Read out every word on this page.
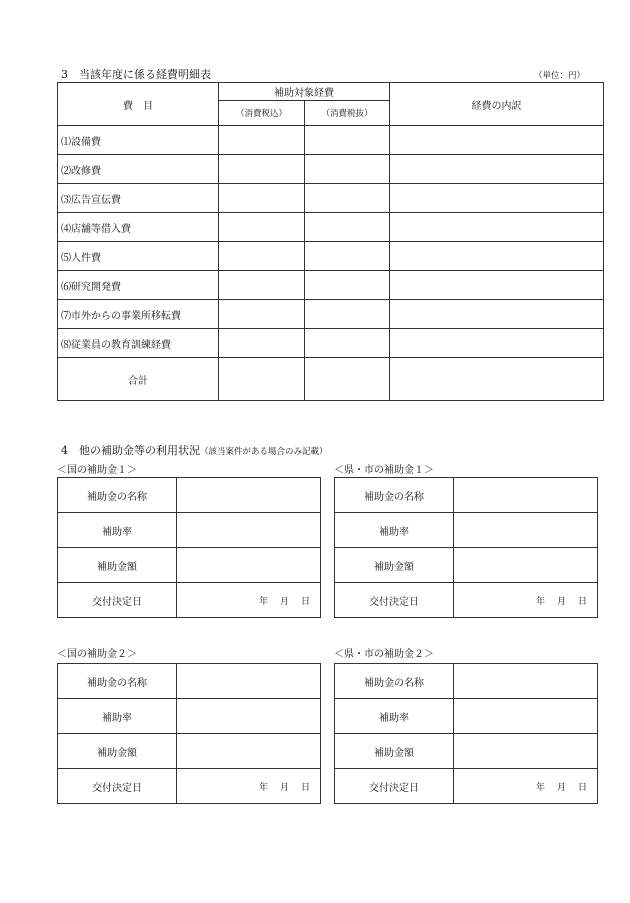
3　当該年度に係る経費明細表	（単位：円）
費　目	補助対象経費		経費の内訳
	（消費税込）	（消費税抜）	
⑴設備費			
⑵改修費			
⑶広告宣伝費			
⑷店舗等借入費			
⑸人件費			
⑹研究開発費			
⑺市外からの事業所移転費			
⑻従業員の教育訓練経費			
合計			
4　他の補助金等の利用状況（該当案件がある場合のみ記載）
＜国の補助金１＞
補助金の名称	
補助率	
補助金額	
交付決定日	年 月 日
＜県・市の補助金１＞
補助金の名称	
補助率	
補助金額	
交付決定日	年 月 日
＜国の補助金２＞
補助金の名称	
補助率	
補助金額	
交付決定日	年 月 日
＜県・市の補助金２＞
補助金の名称	
補助率	
補助金額	
交付決定日	年 月 日
